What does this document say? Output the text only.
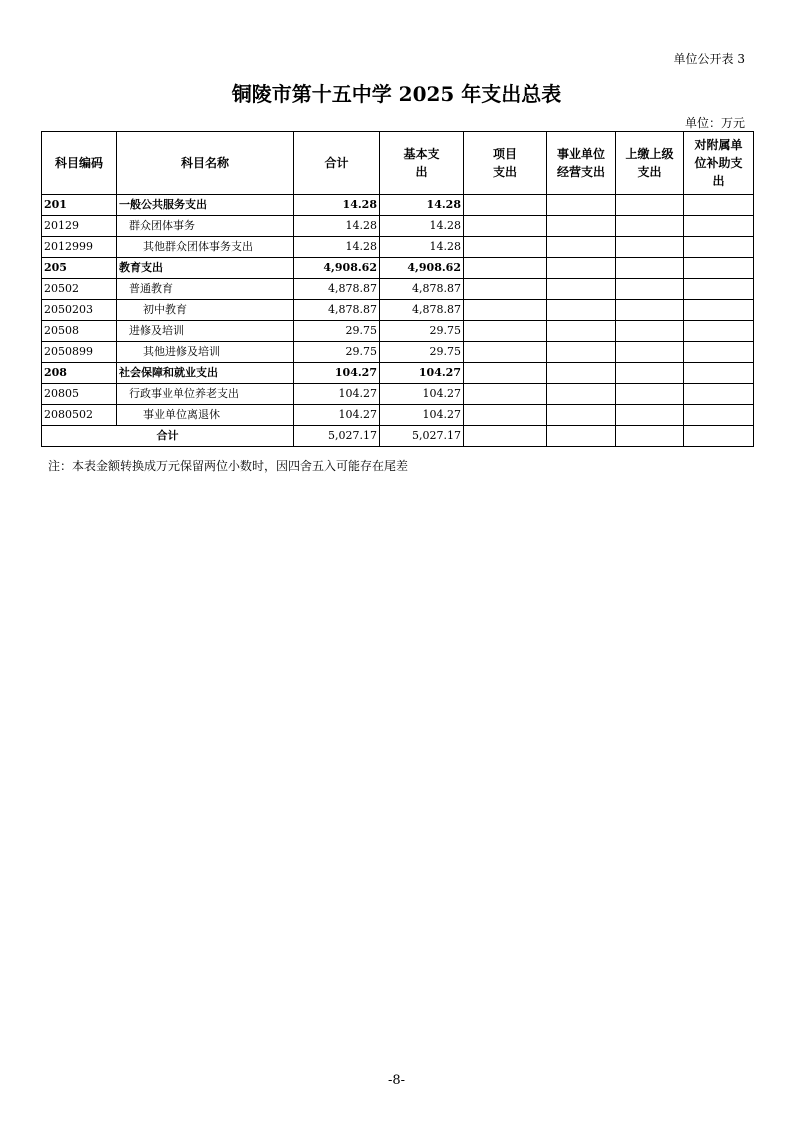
单位公开表 3
铜陵市第十五中学 2025 年支出总表
单位：万元
科目编码	科目名称	合计	基本支出	项目支出	事业单位经营支出	上缴上级支出	对附属单位补助支出
201	一般公共服务支出	14.28	14.28				
20129	群众团体事务	14.28	14.28				
2012999	其他群众团体事务支出	14.28	14.28				
205	教育支出	4,908.62	4,908.62				
20502	普通教育	4,878.87	4,878.87				
2050203	初中教育	4,878.87	4,878.87				
20508	进修及培训	29.75	29.75				
2050899	其他进修及培训	29.75	29.75				
208	社会保障和就业支出	104.27	104.27				
20805	行政事业单位养老支出	104.27	104.27				
2080502	事业单位离退休	104.27	104.27				
合计		5,027.17	5,027.17				
注：本表金额转换成万元保留两位小数时，因四舍五入可能存在尾差
-8-
